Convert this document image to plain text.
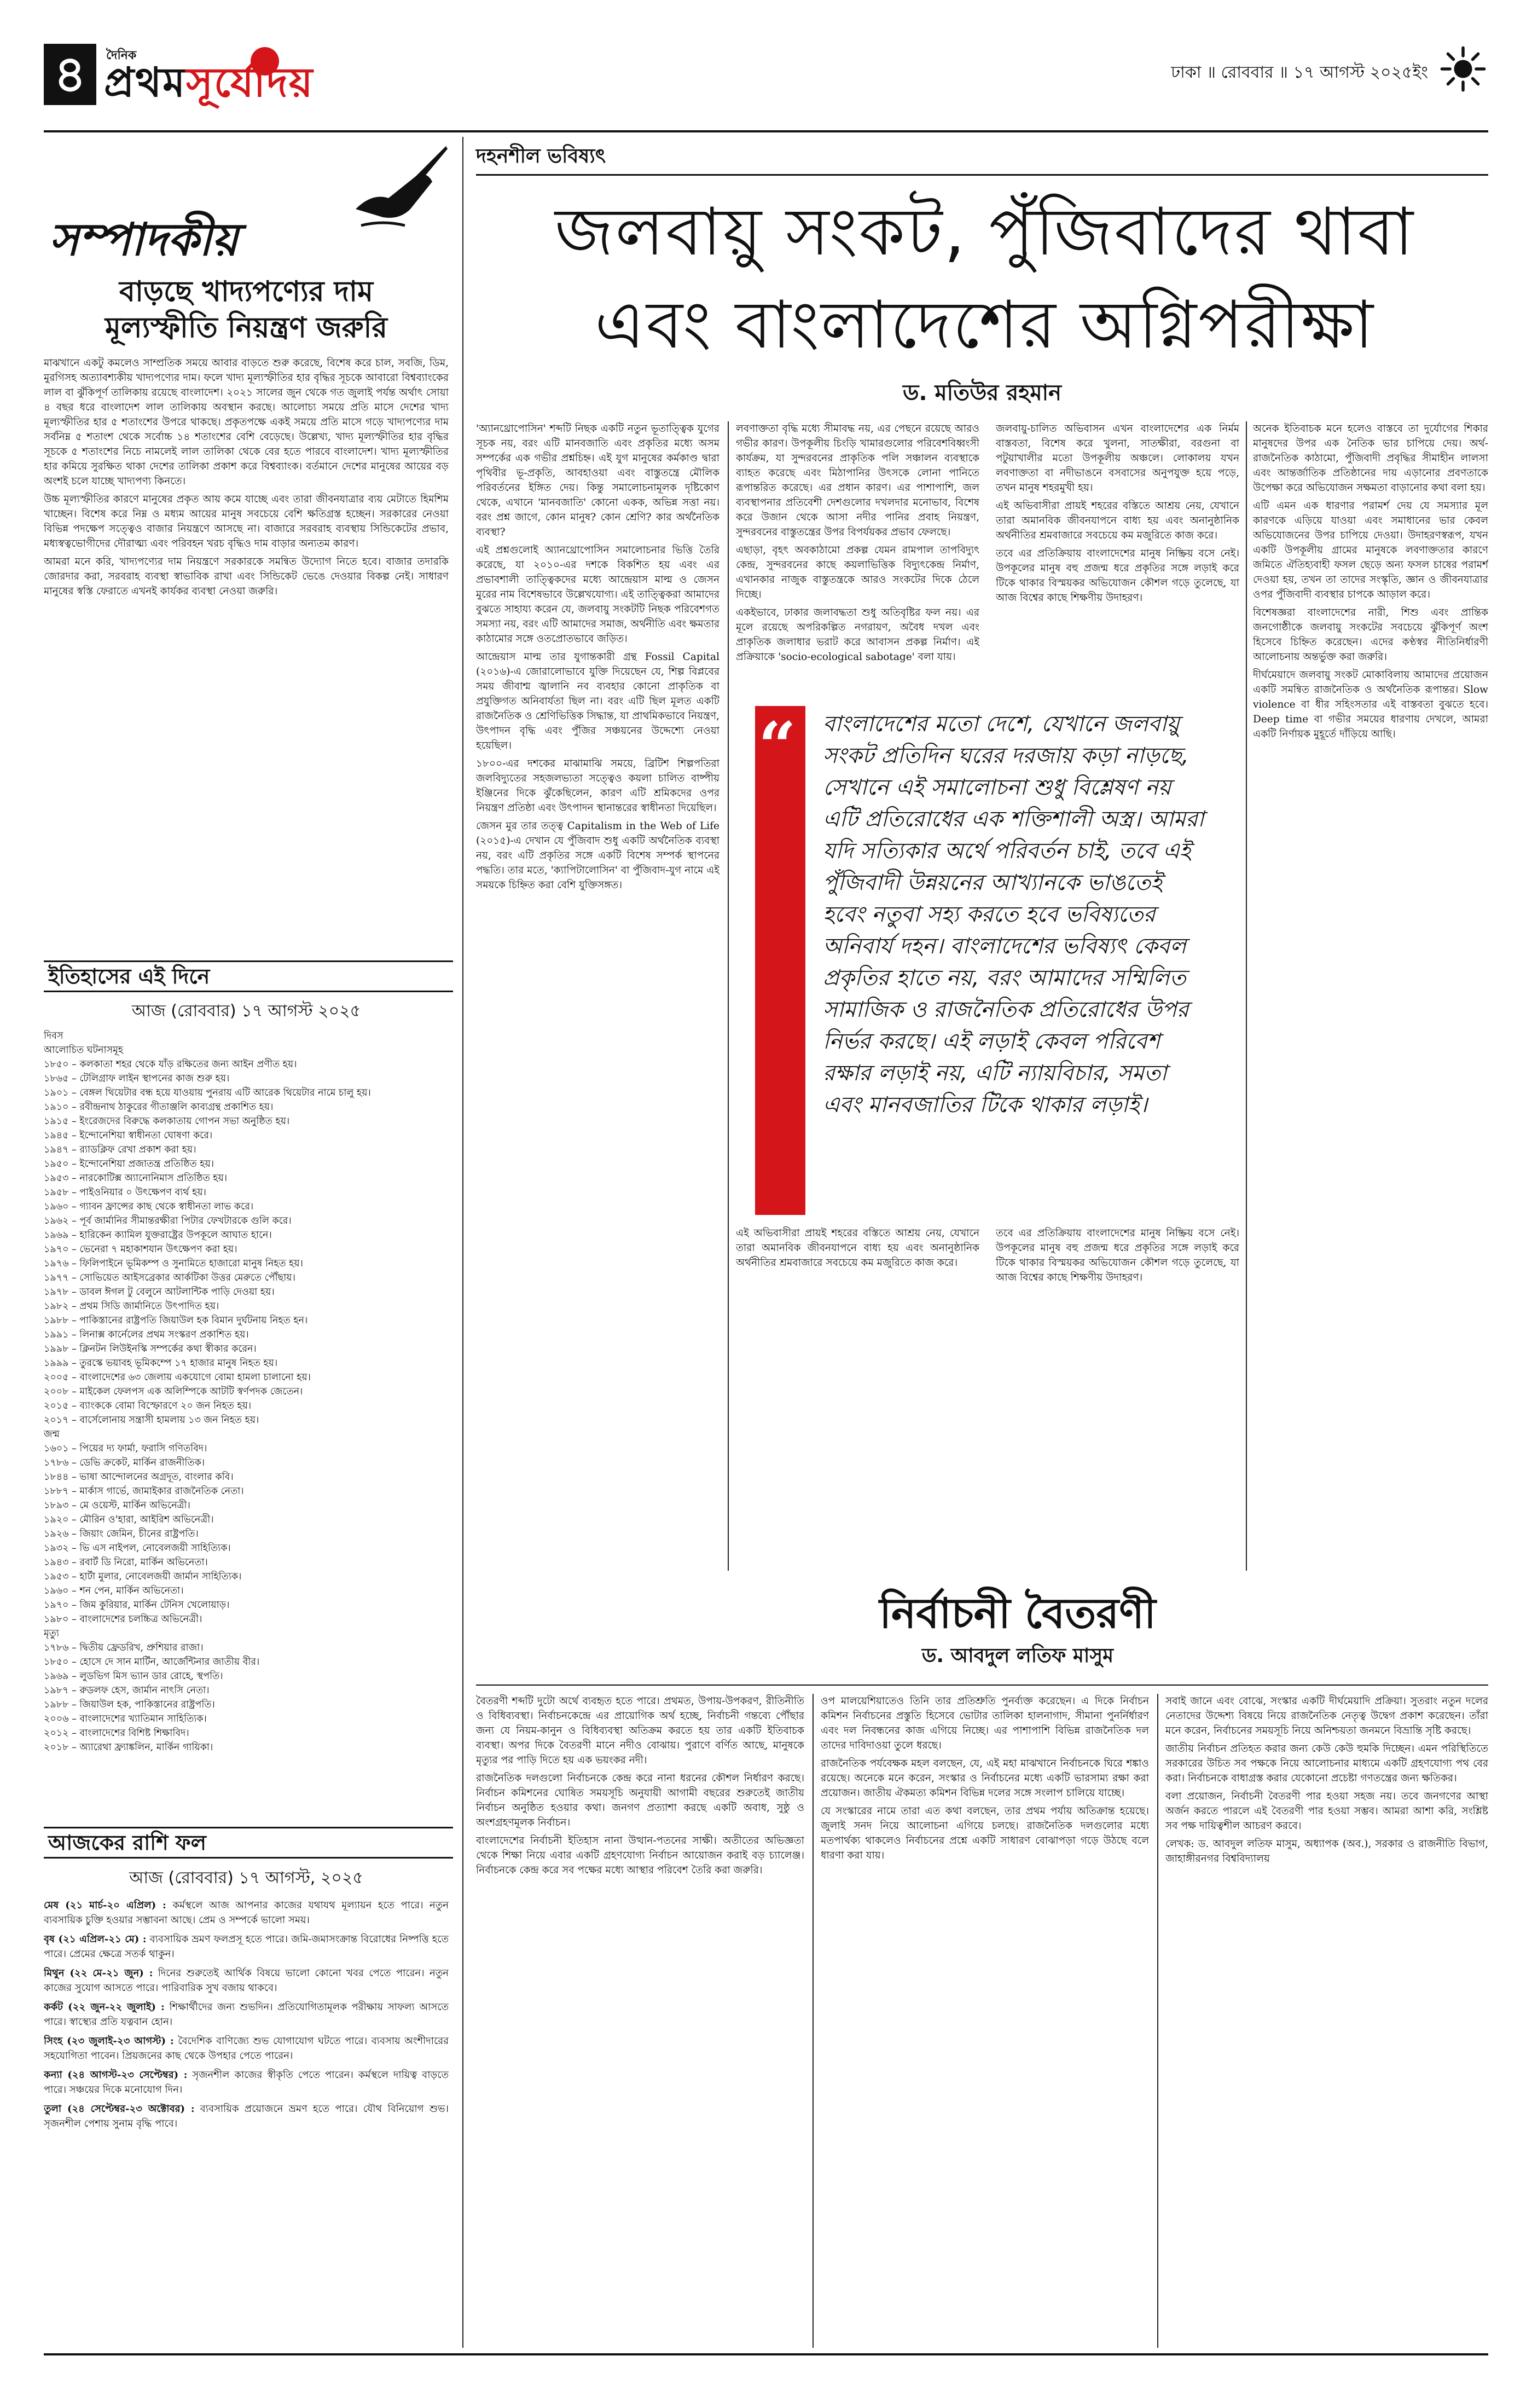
৪	দৈনিক
প্রথমসূর্যোদয়	ঢাকা ॥ রোববার ॥ ১৭ আগস্ট ২০২৫ইং
সম্পাদকীয়
বাড়ছে খাদ্যপণ্যের দাম
মূল্যস্ফীতি নিয়ন্ত্রণ জরুরি

মাঝখানে একটু কমলেও সাম্প্রতিক সময়ে আবার বাড়তে শুরু করেছে, বিশেষ করে চাল, সবজি, ডিম, মুরগিসহ অত্যাবশ্যকীয় খাদ্যপণ্যের দাম। ফলে খাদ্য মূল্যস্ফীতির হার বৃদ্ধির সূচকে আবারো বিশ্বব্যাংকের লাল বা ঝুঁকিপূর্ণ তালিকায় রয়েছে বাংলাদেশ। ২০২১ সালের জুন থেকে গত জুলাই পর্যন্ত অর্থাৎ সোয়া ৪ বছর ধরে বাংলাদেশ লাল তালিকায় অবস্থান করছে। আলোচ্য সময়ে প্রতি মাসে দেশের খাদ্য মূল্যস্ফীতির হার ৫ শতাংশের উপরে থাকছে। প্রকৃতপক্ষে একই সময়ে প্রতি মাসে গড়ে খাদ্যপণ্যের দাম সর্বনিম্ন ৫ শতাংশ থেকে সর্বোচ্চ ১৪ শতাংশের বেশি বেড়েছে। উল্লেখ্য, খাদ্য মূল্যস্ফীতির হার বৃদ্ধির সূচকে ৫ শতাংশের নিচে নামলেই লাল তালিকা থেকে বের হতে পারবে বাংলাদেশ। খাদ্য মূল্যস্ফীতির হার কমিয়ে সুরক্ষিত থাকা দেশের তালিকা প্রকাশ করে বিশ্বব্যাংক। বর্তমানে দেশের মানুষের আয়ের বড় অংশই চলে যাচ্ছে খাদ্যপণ্য কিনতে।

উচ্চ মূল্যস্ফীতির কারণে মানুষের প্রকৃত আয় কমে যাচ্ছে এবং তারা জীবনযাত্রার ব্যয় মেটাতে হিমশিম খাচ্ছেন। বিশেষ করে নিম্ন ও মধ্যম আয়ের মানুষ সবচেয়ে বেশি ক্ষতিগ্রস্ত হচ্ছেন। সরকারের নেওয়া বিভিন্ন পদক্ষেপ সত্ত্বেও বাজার নিয়ন্ত্রণে আসছে না। বাজারে সরবরাহ ব্যবস্থায় সিন্ডিকেটের প্রভাব, মধ্যস্বত্বভোগীদের দৌরাত্ম্য এবং পরিবহন খরচ বৃদ্ধিও দাম বাড়ার অন্যতম কারণ।

আমরা মনে করি, খাদ্যপণ্যের দাম নিয়ন্ত্রণে সরকারকে সমন্বিত উদ্যোগ নিতে হবে। বাজার তদারকি জোরদার করা, সরবরাহ ব্যবস্থা স্বাভাবিক রাখা এবং সিন্ডিকেট ভেঙে দেওয়ার বিকল্প নেই। সাধারণ মানুষের স্বস্তি ফেরাতে এখনই কার্যকর ব্যবস্থা নেওয়া জরুরি।

ইতিহাসের এই দিনে
আজ (রোববার) ১৭ আগস্ট ২০২৫
দিবস
আলোচিত ঘটনাসমূহ
১৮৫০ – কলকাতা শহর থেকে যাঁড় রক্ষিতের জন্য আইন প্রণীত হয়।
১৮৬৫ – টেলিগ্রাফ লাইন স্থাপনের কাজ শুরু হয়।
১৯০১ – বেঙ্গল থিয়েটার বন্ধ হয়ে যাওয়ায় পুনরায় এটি আরেক থিয়েটার নামে চালু হয়।
১৯১০ – রবীন্দ্রনাথ ঠাকুরের গীতাঞ্জলি কাব্যগ্রন্থ প্রকাশিত হয়।
১৯১৫ – ইংরেজদের বিরুদ্ধে কলকাতায় গোপন সভা অনুষ্ঠিত হয়।
১৯৪৫ – ইন্দোনেশিয়া স্বাধীনতা ঘোষণা করে।
১৯৪৭ – র‍্যাডক্লিফ রেখা প্রকাশ করা হয়।
১৯৫০ – ইন্দোনেশিয়া প্রজাতন্ত্র প্রতিষ্ঠিত হয়।
১৯৫৩ – নারকোটিক্স অ্যানোনিমাস প্রতিষ্ঠিত হয়।
১৯৫৮ – পাইওনিয়ার ০ উৎক্ষেপণ ব্যর্থ হয়।
১৯৬০ – গ্যাবন ফ্রান্সের কাছ থেকে স্বাধীনতা লাভ করে।
১৯৬২ – পূর্ব জার্মানির সীমান্তরক্ষীরা পিটার ফেখটারকে গুলি করে।
১৯৬৯ – হারিকেন ক্যামিল যুক্তরাষ্ট্রের উপকূলে আঘাত হানে।
১৯৭০ – ভেনেরা ৭ মহাকাশযান উৎক্ষেপণ করা হয়।
১৯৭৬ – ফিলিপাইনে ভূমিকম্প ও সুনামিতে হাজারো মানুষ নিহত হয়।
১৯৭৭ – সোভিয়েত আইসব্রেকার আর্কটিকা উত্তর মেরুতে পৌঁছায়।
১৯৭৮ – ডাবল ঈগল টু বেলুনে আটলান্টিক পাড়ি দেওয়া হয়।
১৯৮২ – প্রথম সিডি জার্মানিতে উৎপাদিত হয়।
১৯৮৮ – পাকিস্তানের রাষ্ট্রপতি জিয়াউল হক বিমান দুর্ঘটনায় নিহত হন।
১৯৯১ – লিনাক্স কার্নেলের প্রথম সংস্করণ প্রকাশিত হয়।
১৯৯৮ – ক্লিনটন লিউইনস্কি সম্পর্কের কথা স্বীকার করেন।
১৯৯৯ – তুরস্কে ভয়াবহ ভূমিকম্পে ১৭ হাজার মানুষ নিহত হয়।
২০০৫ – বাংলাদেশের ৬৩ জেলায় একযোগে বোমা হামলা চালানো হয়।
২০০৮ – মাইকেল ফেলপস এক অলিম্পিকে আটটি স্বর্ণপদক জেতেন।
২০১৫ – ব্যাংককে বোমা বিস্ফোরণে ২০ জন নিহত হয়।
২০১৭ – বার্সেলোনায় সন্ত্রাসী হামলায় ১৩ জন নিহত হয়।
জন্ম
১৬০১ – পিয়ের দ্য ফার্মা, ফরাসি গণিতবিদ।
১৭৮৬ – ডেভি ক্রকেট, মার্কিন রাজনীতিক।
১৮৪৪ – ভাষা আন্দোলনের অগ্রদূত, বাংলার কবি।
১৮৮৭ – মার্কাস গার্ভে, জামাইকার রাজনৈতিক নেতা।
১৮৯৩ – মে ওয়েস্ট, মার্কিন অভিনেত্রী।
১৯২০ – মৌরিন ও'হারা, আইরিশ অভিনেত্রী।
১৯২৬ – জিয়াং জেমিন, চীনের রাষ্ট্রপতি।
১৯৩২ – ভি এস নাইপল, নোবেলজয়ী সাহিত্যিক।
১৯৪৩ – রবার্ট ডি নিরো, মার্কিন অভিনেতা।
১৯৫৩ – হার্টা মুলার, নোবেলজয়ী জার্মান সাহিত্যিক।
১৯৬০ – শন পেন, মার্কিন অভিনেতা।
১৯৭০ – জিম কুরিয়ার, মার্কিন টেনিস খেলোয়াড়।
১৯৮০ – বাংলাদেশের চলচ্চিত্র অভিনেত্রী।
মৃত্যু
১৭৮৬ – দ্বিতীয় ফ্রেডরিখ, প্রুশিয়ার রাজা।
১৮৫০ – হোসে দে সান মার্টিন, আর্জেন্টিনার জাতীয় বীর।
১৯৬৯ – লুডভিগ মিস ভ্যান ডার রোহে, স্থপতি।
১৯৮৭ – রুডলফ হেস, জার্মান নাৎসি নেতা।
১৯৮৮ – জিয়াউল হক, পাকিস্তানের রাষ্ট্রপতি।
২০০৬ – বাংলাদেশের খ্যাতিমান সাহিত্যিক।
২০১২ – বাংলাদেশের বিশিষ্ট শিক্ষাবিদ।
২০১৮ – অ্যারেথা ফ্র্যাঙ্কলিন, মার্কিন গায়িকা।
আজকের রাশি ফল
আজ (রোববার) ১৭ আগস্ট, ২০২৫

মেষ (২১ মার্চ-২০ এপ্রিল) : কর্মস্থলে আজ আপনার কাজের যথাযথ মূল্যায়ন হতে পারে। নতুন ব্যবসায়িক চুক্তি হওয়ার সম্ভাবনা আছে। প্রেম ও সম্পর্কে ভালো সময়।

বৃষ (২১ এপ্রিল-২১ মে) : ব্যবসায়িক ভ্রমণ ফলপ্রসূ হতে পারে। জমি-জমাসংক্রান্ত বিরোধের নিষ্পত্তি হতে পারে। প্রেমের ক্ষেত্রে সতর্ক থাকুন।

মিথুন (২২ মে-২১ জুন) : দিনের শুরুতেই আর্থিক বিষয়ে ভালো কোনো খবর পেতে পারেন। নতুন কাজের সুযোগ আসতে পারে। পারিবারিক সুখ বজায় থাকবে।

কর্কট (২২ জুন-২২ জুলাই) : শিক্ষার্থীদের জন্য শুভদিন। প্রতিযোগিতামূলক পরীক্ষায় সাফল্য আসতে পারে। স্বাস্থ্যের প্রতি যত্নবান হোন।

সিংহ (২৩ জুলাই-২৩ আগস্ট) : বৈদেশিক বাণিজ্যে শুভ যোগাযোগ ঘটতে পারে। ব্যবসায় অংশীদারের সহযোগিতা পাবেন। প্রিয়জনের কাছ থেকে উপহার পেতে পারেন।

কন্যা (২৪ আগস্ট-২৩ সেপ্টেম্বর) : সৃজনশীল কাজের স্বীকৃতি পেতে পারেন। কর্মস্থলে দায়িত্ব বাড়তে পারে। সঞ্চয়ের দিকে মনোযোগ দিন।

তুলা (২৪ সেপ্টেম্বর-২৩ অক্টোবর) : ব্যবসায়িক প্রয়োজনে ভ্রমণ হতে পারে। যৌথ বিনিয়োগ শুভ। সৃজনশীল পেশায় সুনাম বৃদ্ধি পাবে।

দহনশীল ভবিষ্যৎ
জলবায়ু সংকট, পুঁজিবাদের থাবা
এবং বাংলাদেশের অগ্নিপরীক্ষা
ড. মতিউর রহমান

'অ্যানথ্রোপোসিন' শব্দটি নিছক একটি নতুন ভূতাত্ত্বিক যুগের সূচক নয়, বরং এটি মানবজাতি এবং প্রকৃতির মধ্যে অসম সম্পর্কের এক গভীর প্রশ্নচিহ্ন। এই যুগ মানুষের কর্মকাণ্ড দ্বারা পৃথিবীর ভূ-প্রকৃতি, আবহাওয়া এবং বাস্তুতন্ত্রে মৌলিক পরিবর্তনের ইঙ্গিত দেয়। কিন্তু সমালোচনামূলক দৃষ্টিকোণ থেকে, এখানে 'মানবজাতি' কোনো একক, অভিন্ন সত্তা নয়। বরং প্রশ্ন জাগে, কোন মানুষ? কোন শ্রেণি? কার অর্থনৈতিক ব্যবস্থা?

এই প্রশ্নগুলোই অ্যানথ্রোপোসিন সমালোচনার ভিত্তি তৈরি করেছে, যা ২০১০-এর দশকে বিকশিত হয় এবং এর প্রভাবশালী তাত্ত্বিকদের মধ্যে আন্দ্রেয়াস মাল্ম ও জেসন মুরের নাম বিশেষভাবে উল্লেখযোগ্য। এই তাত্ত্বিকরা আমাদের বুঝতে সাহায্য করেন যে, জলবায়ু সংকটটি নিছক পরিবেশগত সমস্যা নয়, বরং এটি আমাদের সমাজ, অর্থনীতি এবং ক্ষমতার কাঠামোর সঙ্গে ওতপ্রোতভাবে জড়িত।

আন্দ্রেয়াস মাল্ম তার যুগান্তকারী গ্রন্থ Fossil Capital (২০১৬)-এ জোরালোভাবে যুক্তি দিয়েছেন যে, শিল্প বিপ্লবের সময় জীবাশ্ম জ্বালানি নব ব্যবহার কোনো প্রাকৃতিক বা প্রযুক্তিগত অনিবার্যতা ছিল না। বরং এটি ছিল মূলত একটি রাজনৈতিক ও শ্রেণিভিত্তিক সিদ্ধান্ত, যা প্রাথমিকভাবে নিয়ন্ত্রণ, উৎপাদন বৃদ্ধি এবং পুঁজির সঞ্চয়নের উদ্দেশ্যে নেওয়া হয়েছিল।

১৮০০-এর দশকের মাঝামাঝি সময়ে, ব্রিটিশ শিল্পপতিরা জলবিদ্যুতের সহজলভ্যতা সত্ত্বেও কয়লা চালিত বাষ্পীয় ইঞ্জিনের দিকে ঝুঁকেছিলেন, কারণ এটি শ্রমিকদের ওপর নিয়ন্ত্রণ প্রতিষ্ঠা এবং উৎপাদন স্থানান্তরের স্বাধীনতা দিয়েছিল।

জেসন মুর তার তত্ত্ব Capitalism in the Web of Life (২০১৫)-এ দেখান যে পুঁজিবাদ শুধু একটি অর্থনৈতিক ব্যবস্থা নয়, বরং এটি প্রকৃতির সঙ্গে একটি বিশেষ সম্পর্ক স্থাপনের পদ্ধতি। তার মতে, 'ক্যাপিটালোসিন' বা পুঁজিবাদ-যুগ নামে এই সময়কে চিহ্নিত করা বেশি যুক্তিসঙ্গত।

লবণাক্ততা বৃদ্ধি মধ্যে সীমাবদ্ধ নয়, এর পেছনে রয়েছে আরও গভীর কারণ। উপকূলীয় চিংড়ি খামারগুলোর পরিবেশবিধ্বংসী কার্যক্রম, যা সুন্দরবনের প্রাকৃতিক পলি সঞ্চালন ব্যবস্থাকে ব্যাহত করেছে এবং মিঠাপানির উৎসকে লোনা পানিতে রূপান্তরিত করেছে। এর প্রধান কারণ। এর পাশাপাশি, জল ব্যবস্থাপনার প্রতিবেশী দেশগুলোর দখলদার মনোভাব, বিশেষ করে উজান থেকে আসা নদীর পানির প্রবাহ নিয়ন্ত্রণ, সুন্দরবনের বাস্তুতন্ত্রের উপর বিপর্যয়কর প্রভাব ফেলছে।

এছাড়া, বৃহৎ অবকাঠামো প্রকল্প যেমন রামপাল তাপবিদ্যুৎ কেন্দ্র, সুন্দরবনের কাছে কয়লাভিত্তিক বিদ্যুৎকেন্দ্র নির্মাণ, এখানকার নাজুক বাস্তুতন্ত্রকে আরও সংকটের দিকে ঠেলে দিচ্ছে।

একইভাবে, ঢাকার জলাবদ্ধতা শুধু অতিবৃষ্টির ফল নয়। এর মূলে রয়েছে অপরিকল্পিত নগরায়ণ, অবৈধ দখল এবং প্রাকৃতিক জলাধার ভরাট করে আবাসন প্রকল্প নির্মাণ। এই প্রক্রিয়াকে 'socio-ecological sabotage' বলা যায়।

জলবায়ু-চালিত অভিবাসন এখন বাংলাদেশের এক নির্মম বাস্তবতা, বিশেষ করে খুলনা, সাতক্ষীরা, বরগুনা বা পটুয়াখালীর মতো উপকূলীয় অঞ্চলে। লোকালয় যখন লবণাক্ততা বা নদীভাঙনে বসবাসের অনুপযুক্ত হয়ে পড়ে, তখন মানুষ শহরমুখী হয়।

এই অভিবাসীরা প্রায়ই শহরের বস্তিতে আশ্রয় নেয়, যেখানে তারা অমানবিক জীবনযাপনে বাধ্য হয় এবং অনানুষ্ঠানিক অর্থনীতির শ্রমবাজারে সবচেয়ে কম মজুরিতে কাজ করে।

তবে এর প্রতিক্রিয়ায় বাংলাদেশের মানুষ নিষ্ক্রিয় বসে নেই। উপকূলের মানুষ বহু প্রজন্ম ধরে প্রকৃতির সঙ্গে লড়াই করে টিকে থাকার বিস্ময়কর অভিযোজন কৌশল গড়ে তুলেছে, যা আজ বিশ্বের কাছে শিক্ষণীয় উদাহরণ।

এই অভিবাসীরা প্রায়ই শহরের বস্তিতে আশ্রয় নেয়, যেখানে তারা অমানবিক জীবনযাপনে বাধ্য হয় এবং অনানুষ্ঠানিক অর্থনীতির শ্রমবাজারে সবচেয়ে কম মজুরিতে কাজ করে।

তবে এর প্রতিক্রিয়ায় বাংলাদেশের মানুষ নিষ্ক্রিয় বসে নেই। উপকূলের মানুষ বহু প্রজন্ম ধরে প্রকৃতির সঙ্গে লড়াই করে টিকে থাকার বিস্ময়কর অভিযোজন কৌশল গড়ে তুলেছে, যা আজ বিশ্বের কাছে শিক্ষণীয় উদাহরণ।

অনেক ইতিবাচক মনে হলেও বাস্তবে তা দুর্যোগের শিকার মানুষদের উপর এক নৈতিক ভার চাপিয়ে দেয়। অর্থ-রাজনৈতিক কাঠামো, পুঁজিবাদী প্রবৃদ্ধির সীমাহীন লালসা এবং আন্তর্জাতিক প্রতিষ্ঠানের দায় এড়ানোর প্রবণতাকে উপেক্ষা করে অভিযোজন সক্ষমতা বাড়ানোর কথা বলা হয়।

এটি এমন এক ধারণার পরামর্শ দেয় যে সমস্যার মূল কারণকে এড়িয়ে যাওয়া এবং সমাধানের ভার কেবল অভিযোজনের উপর চাপিয়ে দেওয়া। উদাহরণস্বরূপ, যখন একটি উপকূলীয় গ্রামের মানুষকে লবণাক্ততার কারণে জমিতে ঐতিহ্যবাহী ফসল ছেড়ে অন্য ফসল চাষের পরামর্শ দেওয়া হয়, তখন তা তাদের সংস্কৃতি, জ্ঞান ও জীবনযাত্রার ওপর পুঁজিবাদী ব্যবস্থার চাপকে আড়াল করে।

বিশেষজ্ঞরা বাংলাদেশের নারী, শিশু এবং প্রান্তিক জনগোষ্ঠীকে জলবায়ু সংকটের সবচেয়ে ঝুঁকিপূর্ণ অংশ হিসেবে চিহ্নিত করেছেন। এদের কণ্ঠস্বর নীতিনির্ধারণী আলোচনায় অন্তর্ভুক্ত করা জরুরি।

দীর্ঘমেয়াদে জলবায়ু সংকট মোকাবিলায় আমাদের প্রয়োজন একটি সমন্বিত রাজনৈতিক ও অর্থনৈতিক রূপান্তর। Slow violence বা ধীর সহিংসতার এই বাস্তবতা বুঝতে হবে। Deep time বা গভীর সময়ের ধারণায় দেখলে, আমরা একটি নির্ণায়ক মুহূর্তে দাঁড়িয়ে আছি।

“ বাংলাদেশের মতো দেশে, যেখানে জলবায়ু সংকট প্রতিদিন ঘরের দরজায় কড়া নাড়ছে, সেখানে এই সমালোচনা শুধু বিশ্লেষণ নয় এটি প্রতিরোধের এক শক্তিশালী অস্ত্র। আমরা যদি সত্যিকার অর্থে পরিবর্তন চাই, তবে এই পুঁজিবাদী উন্নয়নের আখ্যানকে ভাঙতেই হবেং নতুবা সহ্য করতে হবে ভবিষ্যতের অনিবার্য দহন। বাংলাদেশের ভবিষ্যৎ কেবল প্রকৃতির হাতে নয়, বরং আমাদের সম্মিলিত সামাজিক ও রাজনৈতিক প্রতিরোধের উপর নির্ভর করছে। এই লড়াই কেবল পরিবেশ রক্ষার লড়াই নয়, এটি ন্যায়বিচার, সমতা এবং মানবজাতির টিকে থাকার লড়াই।
নির্বাচনী বৈতরণী
ড. আবদুল লতিফ মাসুম

বৈতরণী শব্দটি দুটো অর্থে ব্যবহৃত হতে পারে। প্রথমত, উপায়-উপকরণ, রীতিনীতি ও বিধিব্যবস্থা। নির্বাচনকেন্দ্রে এর প্রায়োগিক অর্থ হচ্ছে, নির্বাচনী গন্তব্যে পৌঁছার জন্য যে নিয়ম-কানুন ও বিধিব্যবস্থা অতিক্রম করতে হয় তার একটি ইতিবাচক ব্যবস্থা। অপর দিকে বৈতরণী মানে নদীও বোঝায়। পুরাণে বর্ণিত আছে, মানুষকে মৃত্যুর পর পাড়ি দিতে হয় এক ভয়ংকর নদী।

রাজনৈতিক দলগুলো নির্বাচনকে কেন্দ্র করে নানা ধরনের কৌশল নির্ধারণ করছে। নির্বাচন কমিশনের ঘোষিত সময়সূচি অনুযায়ী আগামী বছরের শুরুতেই জাতীয় নির্বাচন অনুষ্ঠিত হওয়ার কথা। জনগণ প্রত্যাশা করছে একটি অবাধ, সুষ্ঠু ও অংশগ্রহণমূলক নির্বাচন।

বাংলাদেশের নির্বাচনী ইতিহাস নানা উত্থান-পতনের সাক্ষী। অতীতের অভিজ্ঞতা থেকে শিক্ষা নিয়ে এবার একটি গ্রহণযোগ্য নির্বাচন আয়োজন করাই বড় চ্যালেঞ্জ। নির্বাচনকে কেন্দ্র করে সব পক্ষের মধ্যে আস্থার পরিবেশ তৈরি করা জরুরি।

ওপ মালয়েশিয়াতেও তিনি তার প্রতিশ্রুতি পুনর্ব্যক্ত করেছেন। এ দিকে নির্বাচন কমিশন নির্বাচনের প্রস্তুতি হিসেবে ভোটার তালিকা হালনাগাদ, সীমানা পুনর্নির্ধারণ এবং দল নিবন্ধনের কাজ এগিয়ে নিচ্ছে। এর পাশাপাশি বিভিন্ন রাজনৈতিক দল তাদের দাবিদাওয়া তুলে ধরছে।

রাজনৈতিক পর্যবেক্ষক মহল বলছেন, যে, এই মহা মাঝখানে নির্বাচনকে ঘিরে শঙ্কাও রয়েছে। অনেকে মনে করেন, সংস্কার ও নির্বাচনের মধ্যে একটি ভারসাম্য রক্ষা করা প্রয়োজন। জাতীয় ঐকমত্য কমিশন বিভিন্ন দলের সঙ্গে সংলাপ চালিয়ে যাচ্ছে।

যে সংস্কারের নামে তারা এত কথা বলছেন, তার প্রথম পর্যায় অতিক্রান্ত হয়েছে। জুলাই সনদ নিয়ে আলোচনা এগিয়ে চলছে। রাজনৈতিক দলগুলোর মধ্যে মতপার্থক্য থাকলেও নির্বাচনের প্রশ্নে একটি সাধারণ বোঝাপড়া গড়ে উঠছে বলে ধারণা করা যায়।

সবাই জানে এবং বোঝে, সংস্কার একটি দীর্ঘমেয়াদি প্রক্রিয়া। সুতরাং নতুন দলের নেতাদের উদ্দেশ্য বিষয়ে নিয়ে রাজনৈতিক নেতৃত্ব উদ্বেগ প্রকাশ করেছেন। তাঁরা মনে করেন, নির্বাচনের সময়সূচি নিয়ে অনিশ্চয়তা জনমনে বিভ্রান্তি সৃষ্টি করছে।

জাতীয় নির্বাচন প্রতিহত করার জন্য কেউ কেউ হুমকি দিচ্ছেন। এমন পরিস্থিতিতে সরকারের উচিত সব পক্ষকে নিয়ে আলোচনার মাধ্যমে একটি গ্রহণযোগ্য পথ বের করা। নির্বাচনকে বাধাগ্রস্ত করার যেকোনো প্রচেষ্টা গণতন্ত্রের জন্য ক্ষতিকর।

বলা প্রয়োজন, নির্বাচনী বৈতরণী পার হওয়া সহজ নয়। তবে জনগণের আস্থা অর্জন করতে পারলে এই বৈতরণী পার হওয়া সম্ভব। আমরা আশা করি, সংশ্লিষ্ট সব পক্ষ দায়িত্বশীল আচরণ করবে।

লেখক: ড. আবদুল লতিফ মাসুম, অধ্যাপক (অব.), সরকার ও রাজনীতি বিভাগ, জাহাঙ্গীরনগর বিশ্ববিদ্যালয়
